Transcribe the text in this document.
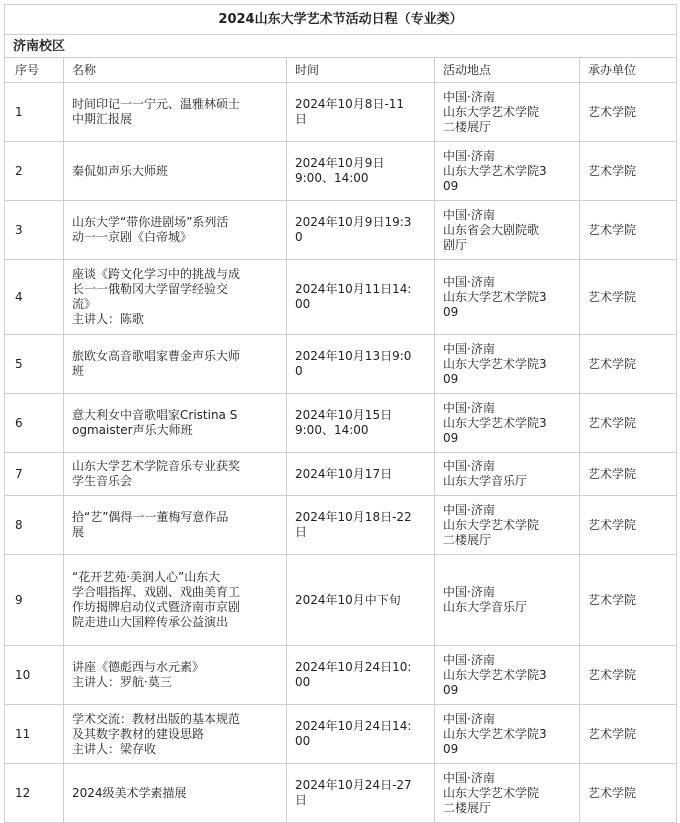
2024山东大学艺术节活动日程（专业类）				
济南校区				
序号	名称	时间	活动地点	承办单位
1	时间印记一一宁元、温雅林硕士
中期汇报展	2024年10月8日-11
日	中国·济南
山东大学艺术学院
二楼展厅	艺术学院
2	秦侃如声乐大师班	2024年10月9日
9:00、14:00	中国·济南
山东大学艺术学院3
09	艺术学院
3	山东大学“带你进剧场”系列活
动一一京剧《白帝城》	2024年10月9日19:3
0	中国·济南
山东省会大剧院歌
剧厅	艺术学院
4	座谈《跨文化学习中的挑战与成
长一一俄勒冈大学留学经验交
流》
主讲人：陈歌	2024年10月11日14:
00	中国·济南
山东大学艺术学院3
09	艺术学院
5	旅欧女高音歌唱家曹金声乐大师
班	2024年10月13日9:0
0	中国·济南
山东大学艺术学院3
09	艺术学院
6	意大利女中音歌唱家Cristina S
ogmaister声乐大师班	2024年10月15日
9:00、14:00	中国·济南
山东大学艺术学院3
09	艺术学院
7	山东大学艺术学院音乐专业获奖
学生音乐会	2024年10月17日	中国·济南
山东大学音乐厅	艺术学院
8	拾“艺”偶得一一董梅写意作品
展	2024年10月18日-22
日	中国·济南
山东大学艺术学院
二楼展厅	艺术学院
9	“花开艺苑·美润人心”山东大
学合唱指挥、戏剧、戏曲美育工
作坊揭牌启动仪式暨济南市京剧
院走进山大国粹传承公益演出	2024年10月中下旬	中国·济南
山东大学音乐厅	艺术学院
10	讲座《德彪西与水元素》
主讲人：罗航·莫三	2024年10月24日10:
00	中国·济南
山东大学艺术学院3
09	艺术学院
11	学术交流：教材出版的基本规范
及其数字教材的建设思路
主讲人：梁存收	2024年10月24日14:
00	中国·济南
山东大学艺术学院3
09	艺术学院
12	2024级美术学素描展	2024年10月24日-27
日	中国·济南
山东大学艺术学院
二楼展厅	艺术学院
